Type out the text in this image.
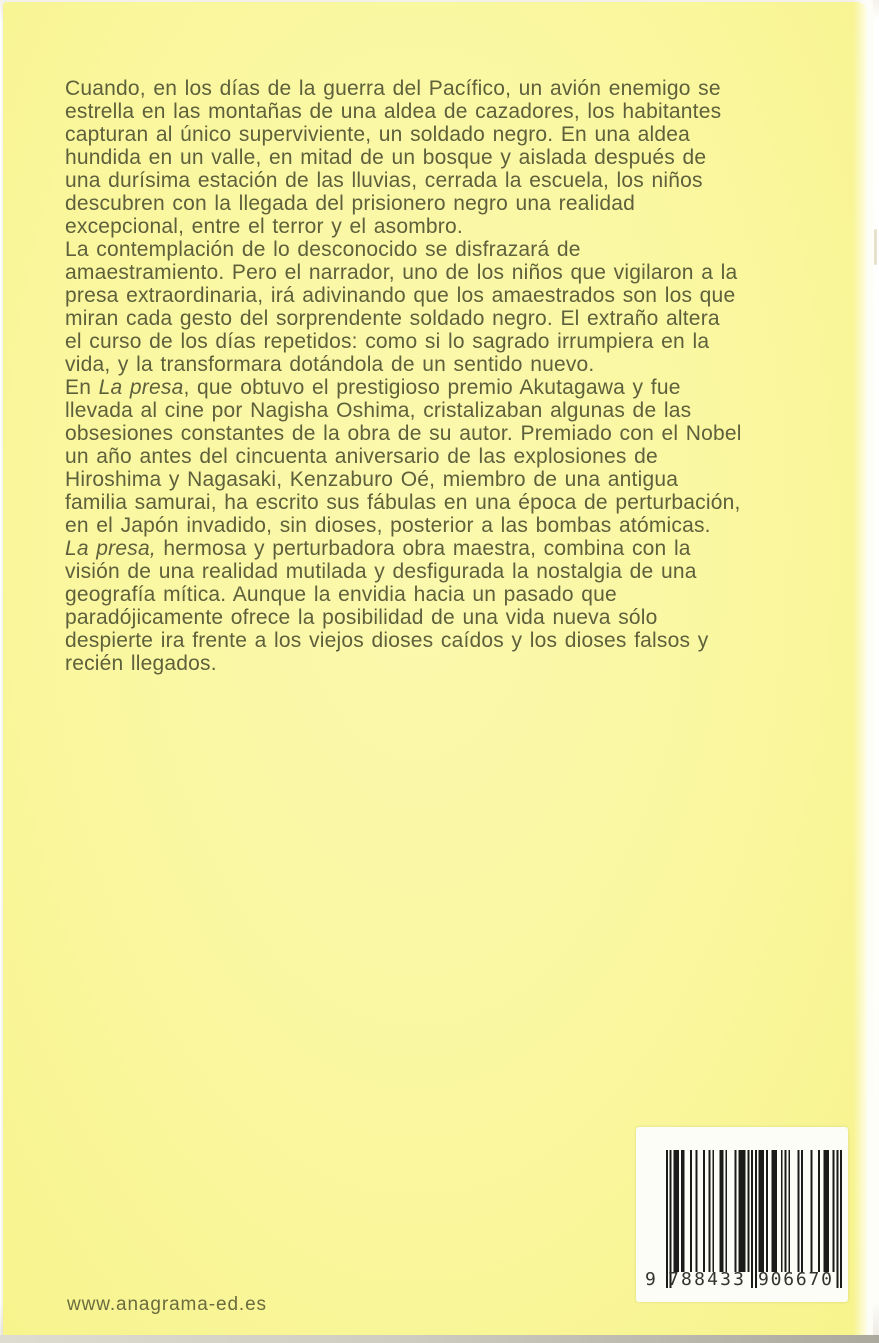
Cuando, en los días de la guerra del Pacífico, un avión enemigo se
estrella en las montañas de una aldea de cazadores, los habitantes
capturan al único superviviente, un soldado negro. En una aldea
hundida en un valle, en mitad de un bosque y aislada después de
una durísima estación de las lluvias, cerrada la escuela, los niños
descubren con la llegada del prisionero negro una realidad
excepcional, entre el terror y el asombro.
La contemplación de lo desconocido se disfrazará de
amaestramiento. Pero el narrador, uno de los niños que vigilaron a la
presa extraordinaria, irá adivinando que los amaestrados son los que
miran cada gesto del sorprendente soldado negro. El extraño altera
el curso de los días repetidos: como si lo sagrado irrumpiera en la
vida, y la transformara dotándola de un sentido nuevo.
En La presa, que obtuvo el prestigioso premio Akutagawa y fue
llevada al cine por Nagisha Oshima, cristalizaban algunas de las
obsesiones constantes de la obra de su autor. Premiado con el Nobel
un año antes del cincuenta aniversario de las explosiones de
Hiroshima y Nagasaki, Kenzaburo Oé, miembro de una antigua
familia samurai, ha escrito sus fábulas en una época de perturbación,
en el Japón invadido, sin dioses, posterior a las bombas atómicas.
La presa, hermosa y perturbadora obra maestra, combina con la
visión de una realidad mutilada y desfigurada la nostalgia de una
geografía mítica. Aunque la envidia hacia un pasado que
paradójicamente ofrece la posibilidad de una vida nueva sólo
despierte ira frente a los viejos dioses caídos y los dioses falsos y
recién llegados.
www.anagrama-ed.es
9 788433 906670
